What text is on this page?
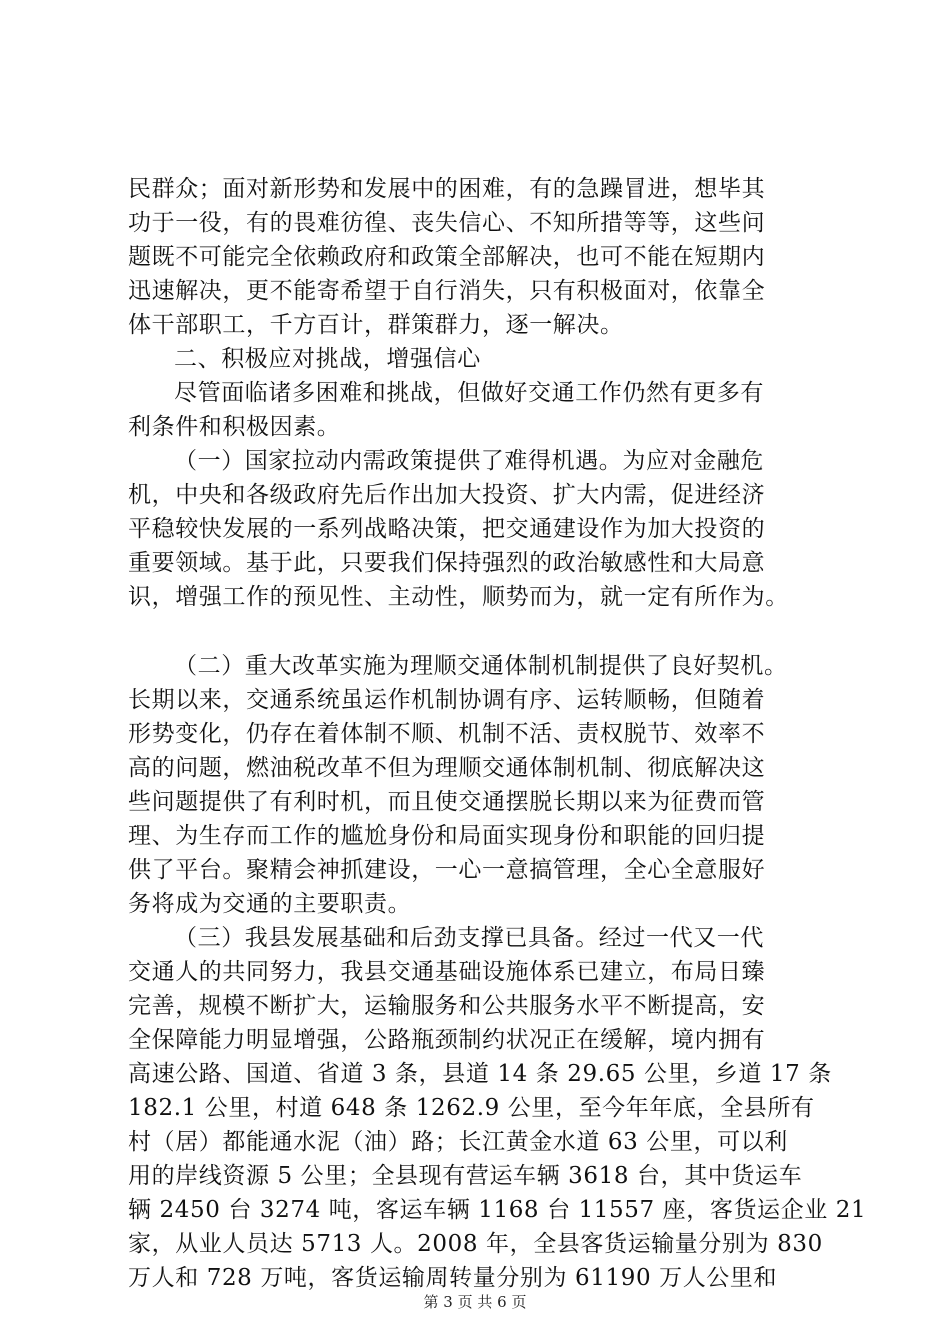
民群众；面对新形势和发展中的困难，有的急躁冒进，想毕其
功于一役，有的畏难彷徨、丧失信心、不知所措等等，这些问
题既不可能完全依赖政府和政策全部解决，也可不能在短期内
迅速解决，更不能寄希望于自行消失，只有积极面对，依靠全
体干部职工，千方百计，群策群力，逐一解决。
二、积极应对挑战，增强信心
尽管面临诸多困难和挑战，但做好交通工作仍然有更多有
利条件和积极因素。
（一）国家拉动内需政策提供了难得机遇。为应对金融危
机，中央和各级政府先后作出加大投资、扩大内需，促进经济
平稳较快发展的一系列战略决策，把交通建设作为加大投资的
重要领域。基于此，只要我们保持强烈的政治敏感性和大局意
识，增强工作的预见性、主动性，顺势而为，就一定有所作为。
（二）重大改革实施为理顺交通体制机制提供了良好契机。
长期以来，交通系统虽运作机制协调有序、运转顺畅，但随着
形势变化，仍存在着体制不顺、机制不活、责权脱节、效率不
高的问题，燃油税改革不但为理顺交通体制机制、彻底解决这
些问题提供了有利时机，而且使交通摆脱长期以来为征费而管
理、为生存而工作的尴尬身份和局面实现身份和职能的回归提
供了平台。聚精会神抓建设，一心一意搞管理，全心全意服好
务将成为交通的主要职责。
（三）我县发展基础和后劲支撑已具备。经过一代又一代
交通人的共同努力，我县交通基础设施体系已建立，布局日臻
完善，规模不断扩大，运输服务和公共服务水平不断提高，安
全保障能力明显增强，公路瓶颈制约状况正在缓解，境内拥有
高速公路、国道、省道 3 条，县道 14 条 29.65 公里，乡道 17 条
182.1 公里，村道 648 条 1262.9 公里，至今年年底，全县所有
村（居）都能通水泥（油）路；长江黄金水道 63 公里，可以利
用的岸线资源 5 公里；全县现有营运车辆 3618 台，其中货运车
辆 2450 台 3274 吨，客运车辆 1168 台 11557 座，客货运企业 21
家，从业人员达 5713 人。2008 年，全县客货运输量分别为 830
万人和 728 万吨，客货运输周转量分别为 61190 万人公里和
第 3 页 共 6 页
